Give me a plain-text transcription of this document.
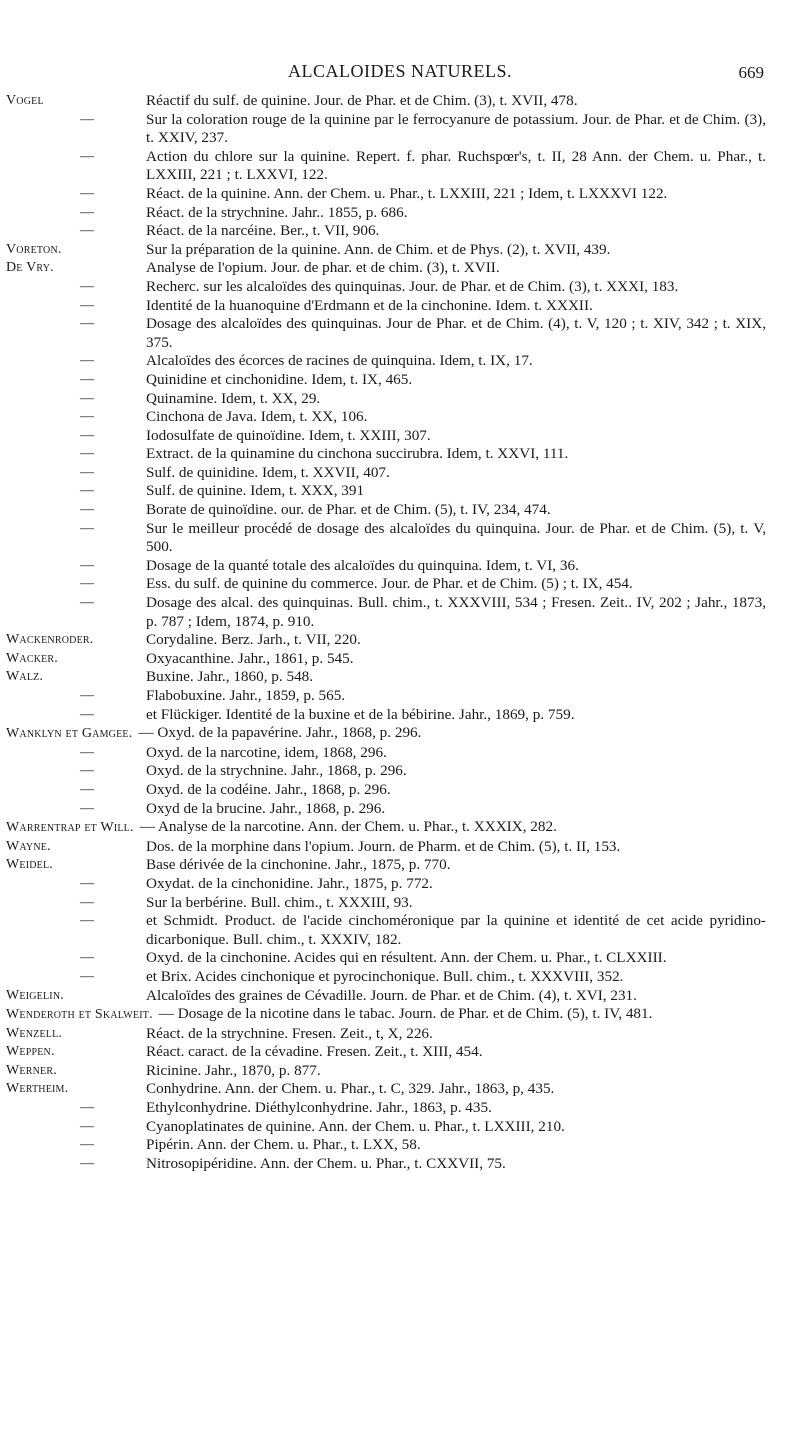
ALCALOIDES NATURELS.	669
Vogel	Réactif du sulf. de quinine. Jour. de Phar. et de Chim. (3), t. XVII, 478.
—	Sur la coloration rouge de la quinine par le ferrocyanure de potassium. Jour. de Phar. et de Chim. (3), t. XXIV, 237.
—	Action du chlore sur la quinine. Repert. f. phar. Ruchspœr's, t. II, 28 Ann. der Chem. u. Phar., t. LXXIII, 221 ; t. LXXVI, 122.
—	Réact. de la quinine. Ann. der Chem. u. Phar., t. LXXIII, 221 ; Idem, t. LXXXVI 122.
—	Réact. de la strychnine. Jahr.. 1855, p. 686.
—	Réact. de la narcéine. Ber., t. VII, 906.
Voreton.	Sur la préparation de la quinine. Ann. de Chim. et de Phys. (2), t. XVII, 439.
De Vry.	Analyse de l'opium. Jour. de phar. et de chim. (3), t. XVII.
—	Recherc. sur les alcaloïdes des quinquinas. Jour. de Phar. et de Chim. (3), t. XXXI, 183.
—	Identité de la huanoquine d'Erdmann et de la cinchonine. Idem. t. XXXII.
—	Dosage des alcaloïdes des quinquinas. Jour de Phar. et de Chim. (4), t. V, 120 ; t. XIV, 342 ; t. XIX, 375.
—	Alcaloïdes des écorces de racines de quinquina. Idem, t. IX, 17.
—	Quinidine et cinchonidine. Idem, t. IX, 465.
—	Quinamine. Idem, t. XX, 29.
—	Cinchona de Java. Idem, t. XX, 106.
—	Iodosulfate de quinoïdine. Idem, t. XXIII, 307.
—	Extract. de la quinamine du cinchona succirubra. Idem, t. XXVI, 111.
—	Sulf. de quinidine. Idem, t. XXVII, 407.
—	Sulf. de quinine. Idem, t. XXX, 391
—	Borate de quinoïdine. our. de Phar. et de Chim. (5), t. IV, 234, 474.
—	Sur le meilleur procédé de dosage des alcaloïdes du quinquina. Jour. de Phar. et de Chim. (5), t. V, 500.
—	Dosage de la quanté totale des alcaloïdes du quinquina. Idem, t. VI, 36.
—	Ess. du sulf. de quinine du commerce. Jour. de Phar. et de Chim. (5) ; t. IX, 454.
—	Dosage des alcal. des quinquinas. Bull. chim., t. XXXVIII, 534 ; Fresen. Zeit.. IV, 202 ; Jahr., 1873, p. 787 ; Idem, 1874, p. 910.
Wackenroder.	Corydaline. Berz. Jarh., t. VII, 220.
Wacker.	Oxyacanthine. Jahr., 1861, p. 545.
Walz.	Buxine. Jahr., 1860, p. 548.
—	Flabobuxine. Jahr., 1859, p. 565.
—	et Flückiger. Identité de la buxine et de la bébirine. Jahr., 1869, p. 759.
Wanklyn et Gamgee. — Oxyd. de la papavérine. Jahr., 1868, p. 296.
—	Oxyd. de la narcotine, idem, 1868, 296.
—	Oxyd. de la strychnine. Jahr., 1868, p. 296.
—	Oxyd. de la codéine. Jahr., 1868, p. 296.
—	Oxyd de la brucine. Jahr., 1868, p. 296.
Warrentrap et Will. — Analyse de la narcotine. Ann. der Chem. u. Phar., t. XXXIX, 282.
Wayne.	Dos. de la morphine dans l'opium. Journ. de Pharm. et de Chim. (5), t. II, 153.
Weidel.	Base dérivée de la cinchonine. Jahr., 1875, p. 770.
—	Oxydat. de la cinchonidine. Jahr., 1875, p. 772.
—	Sur la berbérine. Bull. chim., t. XXXIII, 93.
—	et Schmidt. Product. de l'acide cinchoméronique par la quinine et identité de cet acide pyridino-dicarbonique. Bull. chim., t. XXXIV, 182.
—	Oxyd. de la cinchonine. Acides qui en résultent. Ann. der Chem. u. Phar., t. CLXXIII.
—	et Brix. Acides cinchonique et pyrocinchonique. Bull. chim., t. XXXVIII, 352.
Weigelin.	Alcaloïdes des graines de Cévadille. Journ. de Phar. et de Chim. (4), t. XVI, 231.
Wenderoth et Skalweit. — Dosage de la nicotine dans le tabac. Journ. de Phar. et de Chim. (5), t. IV, 481.
Wenzell.	Réact. de la strychnine. Fresen. Zeit., t, X, 226.
Weppen.	Réact. caract. de la cévadine. Fresen. Zeit., t. XIII, 454.
Werner.	Ricinine. Jahr., 1870, p. 877.
Wertheim.	Conhydrine. Ann. der Chem. u. Phar., t. C, 329. Jahr., 1863, p, 435.
—	Ethylconhydrine. Diéthylconhydrine. Jahr., 1863, p. 435.
—	Cyanoplatinates de quinine. Ann. der Chem. u. Phar., t. LXXIII, 210.
—	Pipérin. Ann. der Chem. u. Phar., t. LXX, 58.
—	Nitrosopipéridine. Ann. der Chem. u. Phar., t. CXXVII, 75.
